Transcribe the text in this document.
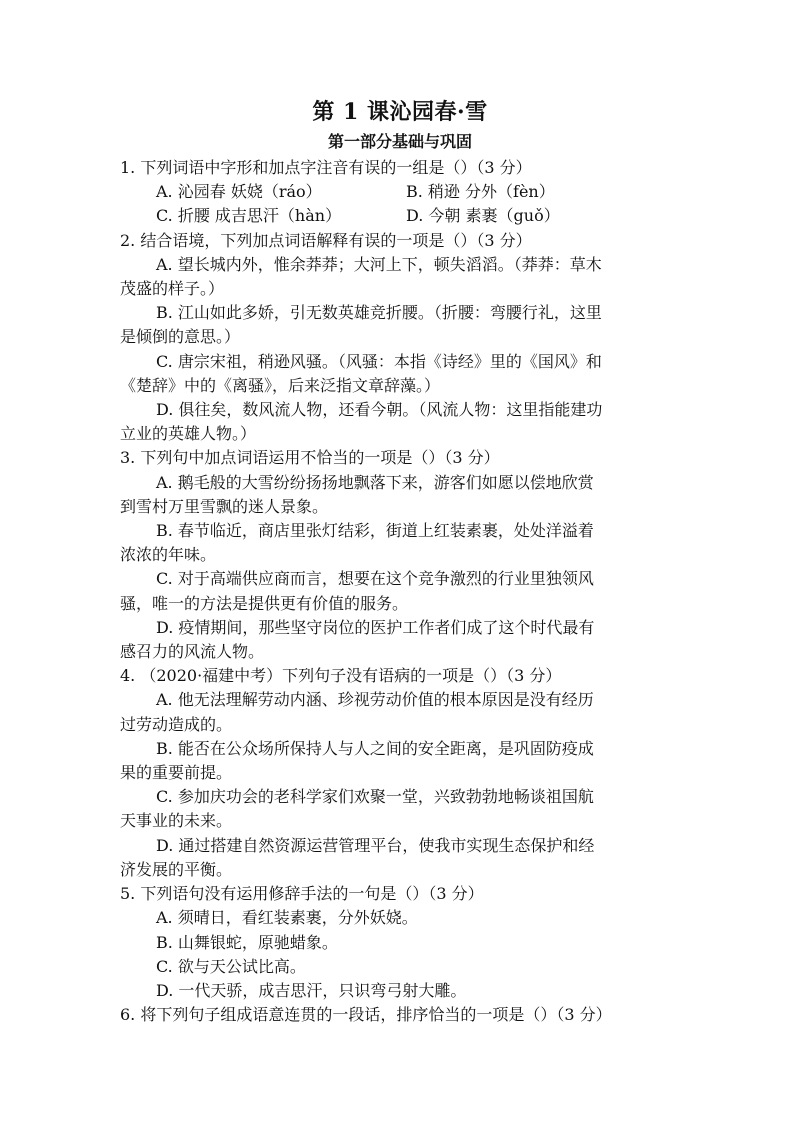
第 1 课沁园春·雪
第一部分基础与巩固
1. 下列词语中字形和加点字注音有误的一组是（）（3 分）
A. 沁园春 妖娆（ráo）	B. 稍逊 分外（fèn）
C. 折腰 成吉思汗（hàn）	D. 今朝 素裹（guǒ）
2. 结合语境，下列加点词语解释有误的一项是（）（3 分）
A. 望长城内外，惟余莽莽；大河上下，顿失滔滔。（莽莽：草木
茂盛的样子。）
B. 江山如此多娇，引无数英雄竞折腰。（折腰：弯腰行礼，这里
是倾倒的意思。）
C. 唐宗宋祖，稍逊风骚。（风骚：本指《诗经》里的《国风》和
《楚辞》中的《离骚》，后来泛指文章辞藻。）
D. 俱往矣，数风流人物，还看今朝。（风流人物：这里指能建功
立业的英雄人物。）
3. 下列句中加点词语运用不恰当的一项是（）（3 分）
A. 鹅毛般的大雪纷纷扬扬地飘落下来，游客们如愿以偿地欣赏
到雪村万里雪飘的迷人景象。
B. 春节临近，商店里张灯结彩，街道上红装素裹，处处洋溢着
浓浓的年味。
C. 对于高端供应商而言，想要在这个竞争激烈的行业里独领风
骚，唯一的方法是提供更有价值的服务。
D. 疫情期间，那些坚守岗位的医护工作者们成了这个时代最有
感召力的风流人物。
4. （2020·福建中考）下列句子没有语病的一项是（）（3 分）
A. 他无法理解劳动内涵、珍视劳动价值的根本原因是没有经历
过劳动造成的。
B. 能否在公众场所保持人与人之间的安全距离，是巩固防疫成
果的重要前提。
C. 参加庆功会的老科学家们欢聚一堂，兴致勃勃地畅谈祖国航
天事业的未来。
D. 通过搭建自然资源运营管理平台，使我市实现生态保护和经
济发展的平衡。
5. 下列语句没有运用修辞手法的一句是（）（3 分）
A. 须晴日，看红装素裹，分外妖娆。
B. 山舞银蛇，原驰蜡象。
C. 欲与天公试比高。
D. 一代天骄，成吉思汗，只识弯弓射大雕。
6. 将下列句子组成语意连贯的一段话，排序恰当的一项是（）（3 分）
